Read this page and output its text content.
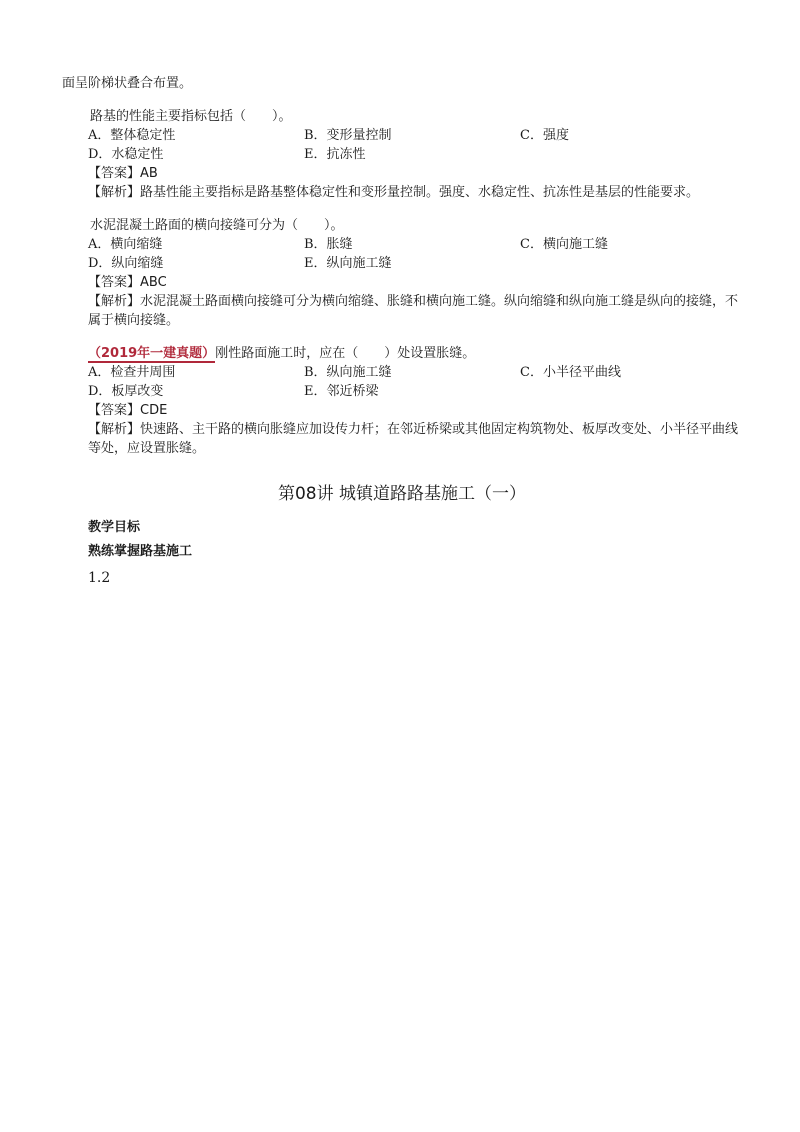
面呈阶梯状叠合布置。
路基的性能主要指标包括（　　）。
A．整体稳定性	B．变形量控制	C．强度
D．水稳定性	E．抗冻性
【答案】AB
【解析】路基性能主要指标是路基整体稳定性和变形量控制。强度、水稳定性、抗冻性是基层的性能要求。
水泥混凝土路面的横向接缝可分为（　　）。
A．横向缩缝	B．胀缝	C．横向施工缝
D．纵向缩缝	E．纵向施工缝
【答案】ABC
【解析】水泥混凝土路面横向接缝可分为横向缩缝、胀缝和横向施工缝。纵向缩缝和纵向施工缝是纵向的接缝，不属于横向接缝。
（2019年一建真题）刚性路面施工时，应在（　　）处设置胀缝。
A．检查井周围	B．纵向施工缝	C．小半径平曲线
D．板厚改变	E．邻近桥梁
【答案】CDE
【解析】快速路、主干路的横向胀缝应加设传力杆；在邻近桥梁或其他固定构筑物处、板厚改变处、小半径平曲线等处，应设置胀缝。
第08讲 城镇道路路基施工（一）
教学目标
熟练掌握路基施工
1.2
